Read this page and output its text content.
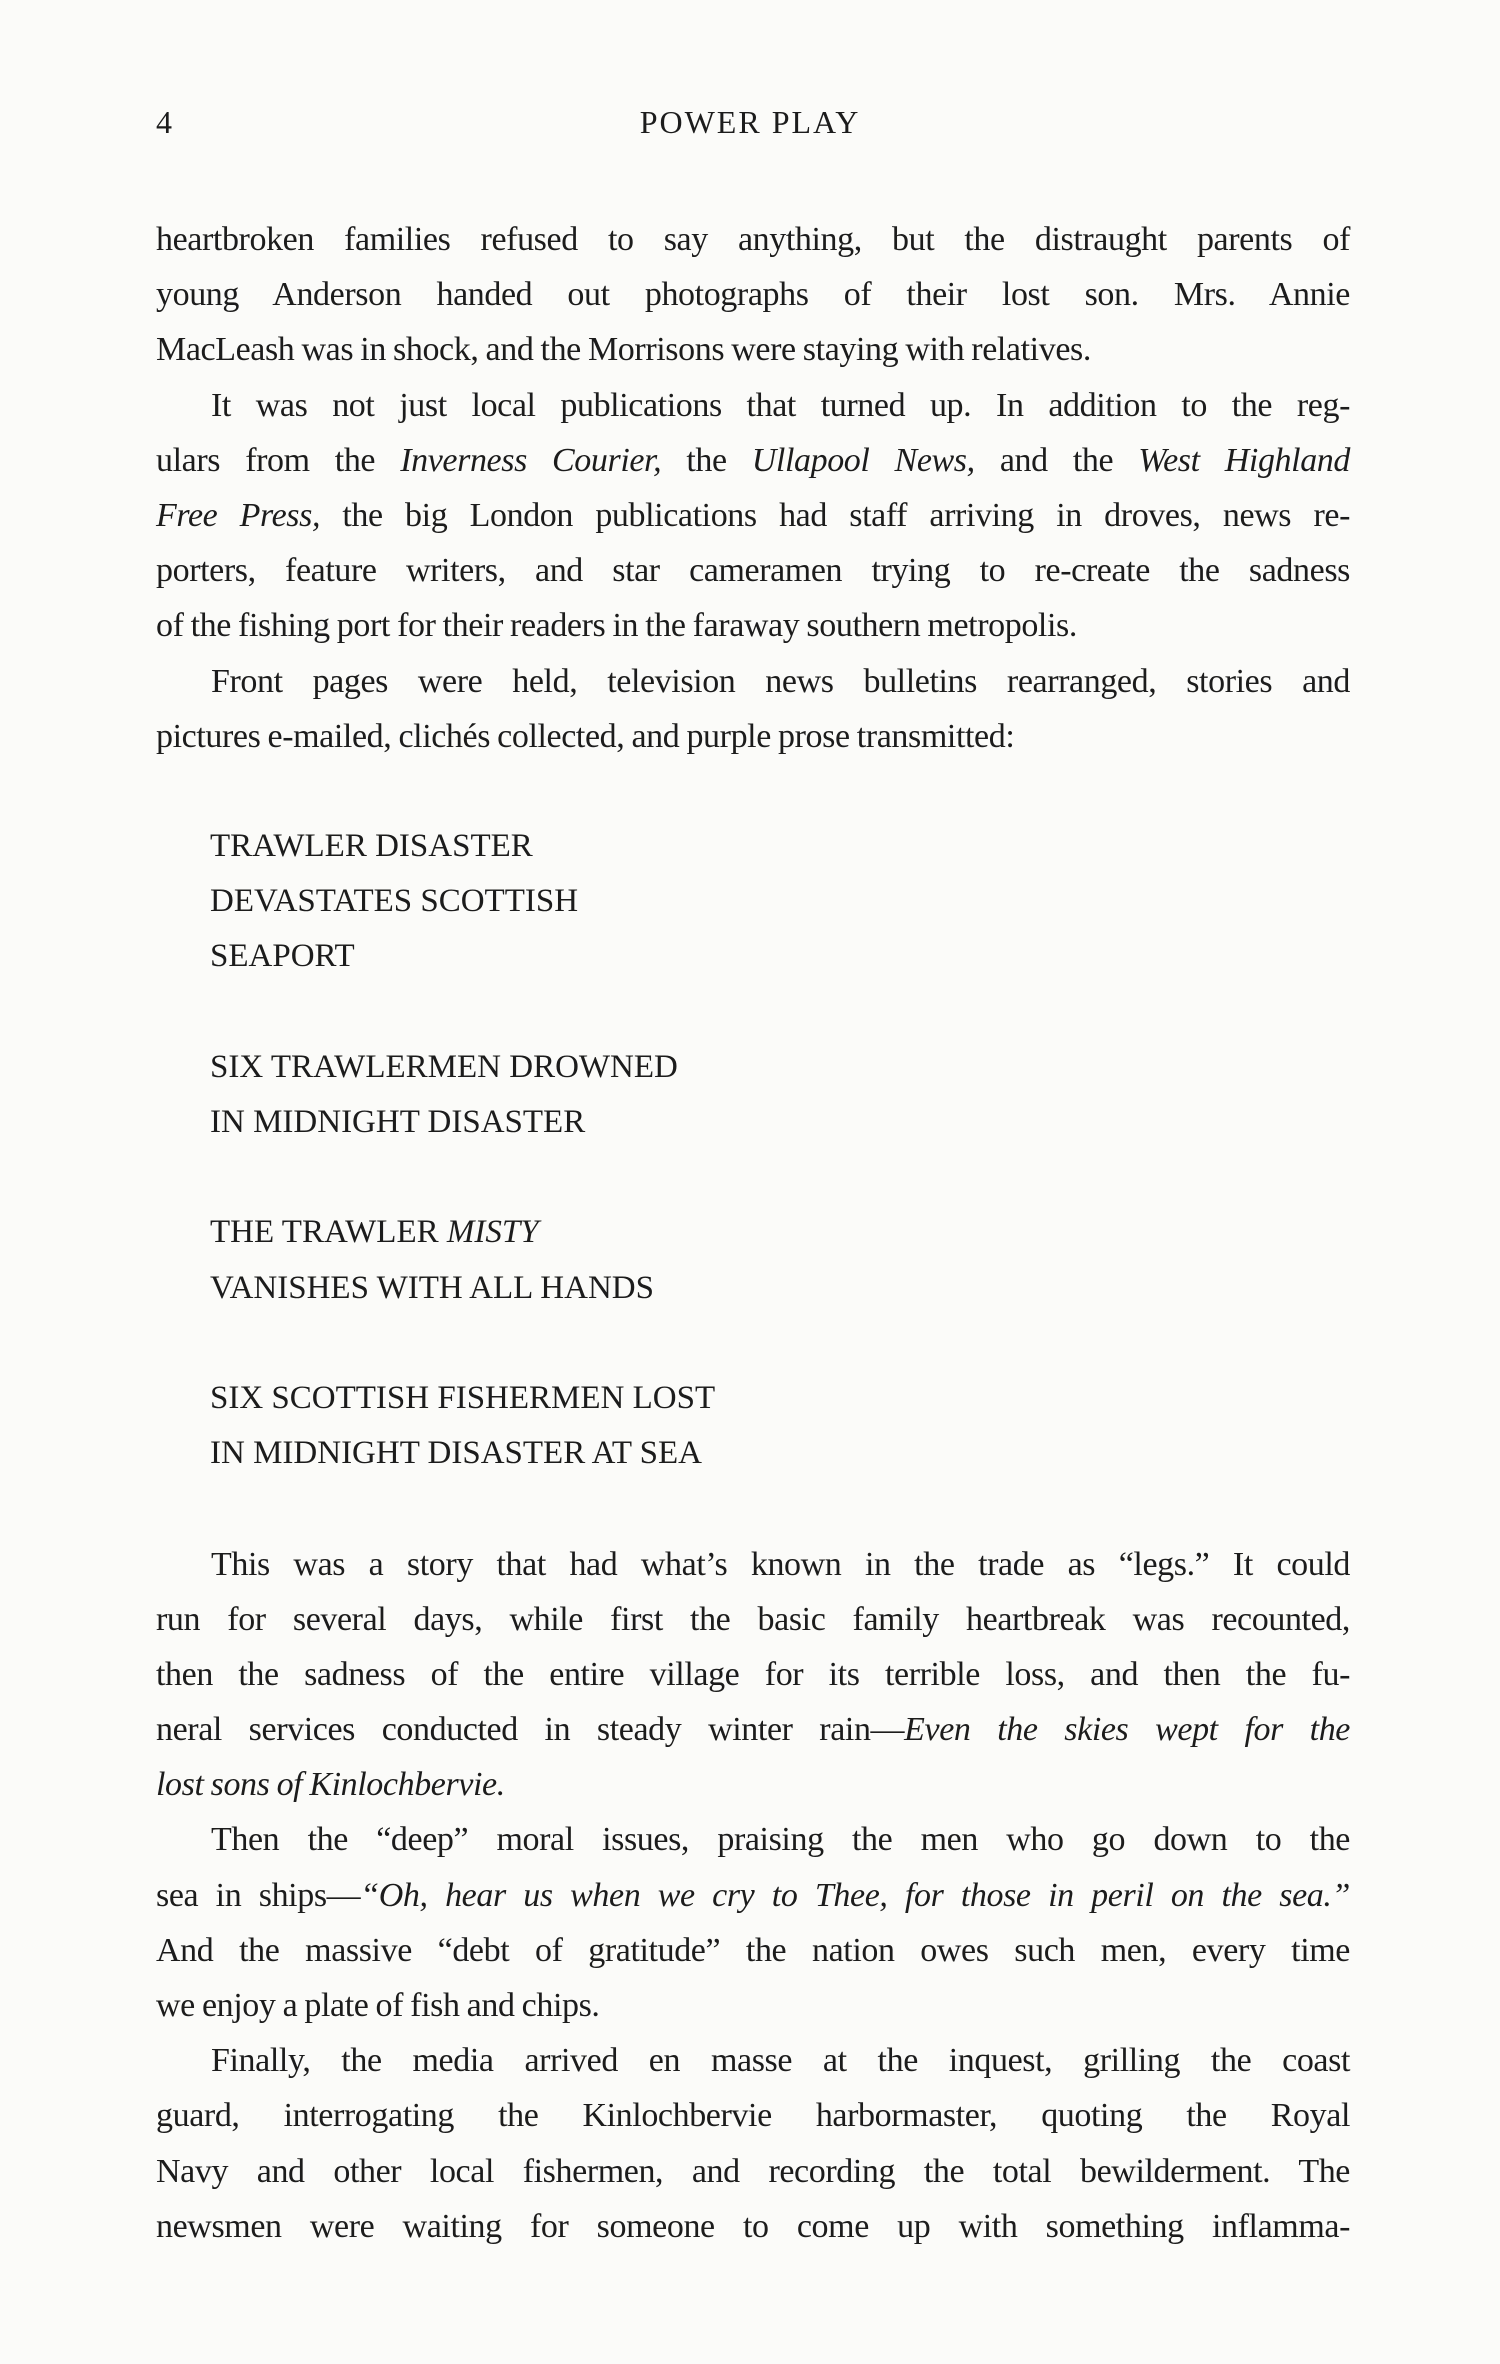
4	POWER PLAY
heartbroken families refused to say anything, but the distraught parents of
young Anderson handed out photographs of their lost son. Mrs. Annie
MacLeash was in shock, and the Morrisons were staying with relatives.
It was not just local publications that turned up. In addition to the reg-
ulars from the Inverness Courier, the Ullapool News, and the West Highland
Free Press, the big London publications had staff arriving in droves, news re-
porters, feature writers, and star cameramen trying to re-create the sadness
of the fishing port for their readers in the faraway southern metropolis.
Front pages were held, television news bulletins rearranged, stories and
pictures e-mailed, clichés collected, and purple prose transmitted:
TRAWLER DISASTER
DEVASTATES SCOTTISH
SEAPORT
SIX TRAWLERMEN DROWNED
IN MIDNIGHT DISASTER
THE TRAWLER MISTY
VANISHES WITH ALL HANDS
SIX SCOTTISH FISHERMEN LOST
IN MIDNIGHT DISASTER AT SEA
This was a story that had what’s known in the trade as “legs.” It could
run for several days, while first the basic family heartbreak was recounted,
then the sadness of the entire village for its terrible loss, and then the fu-
neral services conducted in steady winter rain—Even the skies wept for the
lost sons of Kinlochbervie.
Then the “deep” moral issues, praising the men who go down to the
sea in ships—“Oh, hear us when we cry to Thee, for those in peril on the sea.”
And the massive “debt of gratitude” the nation owes such men, every time
we enjoy a plate of fish and chips.
Finally, the media arrived en masse at the inquest, grilling the coast
guard, interrogating the Kinlochbervie harbormaster, quoting the Royal
Navy and other local fishermen, and recording the total bewilderment. The
newsmen were waiting for someone to come up with something inflamma-
